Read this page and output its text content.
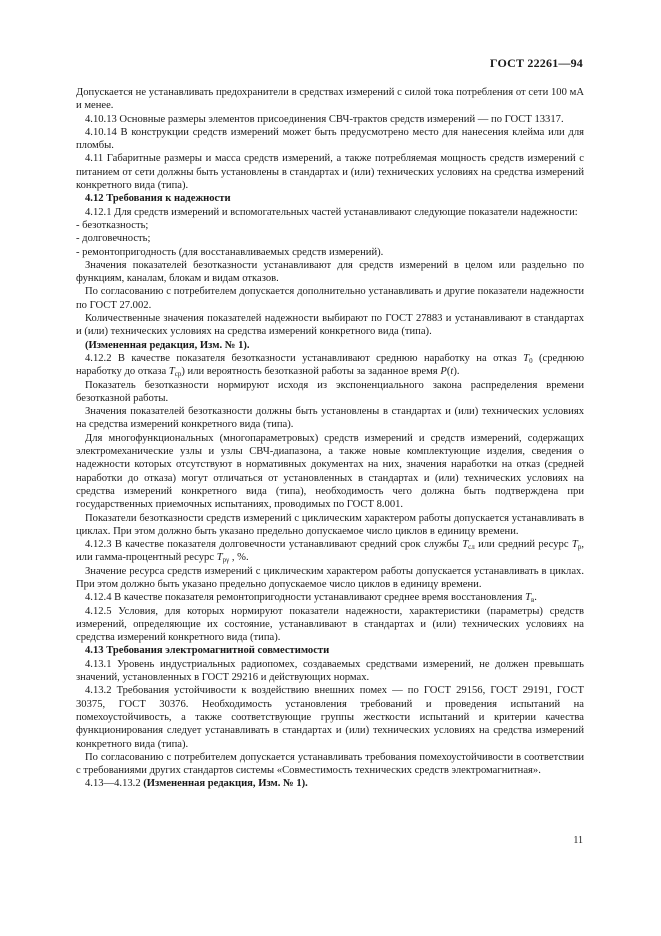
ГОСТ 22261—94

Допускается не устанавливать предохранители в средствах измерений с силой тока потребления от сети 100 мА и менее.

4.10.13 Основные размеры элементов присоединения СВЧ-трактов средств измерений — по ГОСТ 13317.

4.10.14 В конструкции средств измерений может быть предусмотрено место для нанесения клейма или для пломбы.

4.11 Габаритные размеры и масса средств измерений, а также потребляемая мощность средств измерений с питанием от сети должны быть установлены в стандартах и (или) технических условиях на средства измерений конкретного вида (типа).

4.12 Требования к надежности

4.12.1 Для средств измерений и вспомогательных частей устанавливают следующие показатели надежности:

- безотказность;

- долговечность;

- ремонтопригодность (для восстанавливаемых средств измерений).

Значения показателей безотказности устанавливают для средств измерений в целом или раздельно по функциям, каналам, блокам и видам отказов.

По согласованию с потребителем допускается дополнительно устанавливать и другие показатели надежности по ГОСТ 27.002.

Количественные значения показателей надежности выбирают по ГОСТ 27883 и устанавливают в стандартах и (или) технических условиях на средства измерений конкретного вида (типа).

(Измененная редакция, Изм. № 1).

4.12.2 В качестве показателя безотказности устанавливают среднюю наработку на отказ $T_0$ (среднюю наработку до отказа $T_{ср}$) или вероятность безотказной работы за заданное время P(t).

Показатель безотказности нормируют исходя из экспоненциального закона распределения времени безотказной работы.

Значения показателей безотказности должны быть установлены в стандартах и (или) технических условиях на средства измерений конкретного вида (типа).

Для многофункциональных (многопараметровых) средств измерений и средств измерений, содержащих электромеханические узлы и узлы СВЧ-диапазона, а также новые комплектующие изделия, сведения о надежности которых отсутствуют в нормативных документах на них, значения наработки на отказ (средней наработки до отказа) могут отличаться от установленных в стандартах и (или) технических условиях на средства измерений конкретного вида (типа), необходимость чего должна быть подтверждена при государственных приемочных испытаниях, проводимых по ГОСТ 8.001.

Показатели безотказности средств измерений с циклическим характером работы допускается устанавливать в циклах. При этом должно быть указано предельно допускаемое число циклов в единицу времени.

4.12.3 В качестве показателя долговечности устанавливают средний срок службы $T_{сл}$ или средний ресурс $T_р$, или гамма-процентный ресурс $T_{р\gamma}$ , %.

Значение ресурса средств измерений с циклическим характером работы допускается устанавливать в циклах. При этом должно быть указано предельно допускаемое число циклов в единицу времени.

4.12.4 В качестве показателя ремонтопригодности устанавливают среднее время восстановления $T_в$.

4.12.5 Условия, для которых нормируют показатели надежности, характеристики (параметры) средств измерений, определяющие их состояние, устанавливают в стандартах и (или) технических условиях на средства измерений конкретного вида (типа).

4.13 Требования электромагнитной совместимости

4.13.1 Уровень индустриальных радиопомех, создаваемых средствами измерений, не должен превышать значений, установленных в ГОСТ 29216 и действующих нормах.

4.13.2 Требования устойчивости к воздействию внешних помех — по ГОСТ 29156, ГОСТ 29191, ГОСТ 30375, ГОСТ 30376. Необходимость установления требований и проведения испытаний на помехоустойчивость, а также соответствующие группы жесткости испытаний и критерии качества функционирования следует устанавливать в стандартах и (или) технических условиях на средства измерений конкретного вида (типа).

По согласованию с потребителем допускается устанавливать требования помехоустойчивости в соответствии с требованиями других стандартов системы «Совместимость технических средств электромагнитная».

4.13—4.13.2 (Измененная редакция, Изм. № 1).

11
